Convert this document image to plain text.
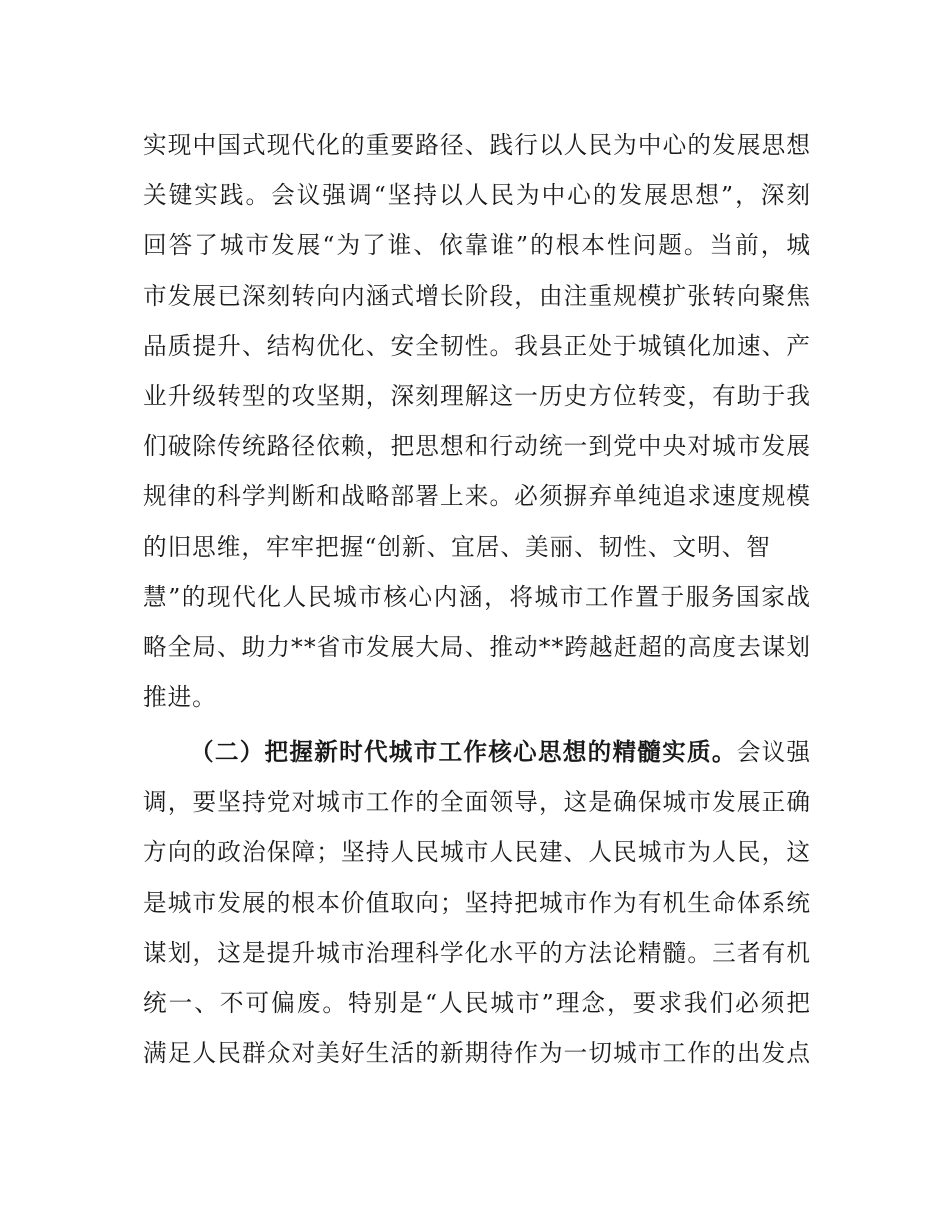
实现中国式现代化的重要路径、践行以人民为中心的发展思想
关键实践。会议强调“坚持以人民为中心的发展思想”，深刻
回答了城市发展“为了谁、依靠谁”的根本性问题。当前，城
市发展已深刻转向内涵式增长阶段，由注重规模扩张转向聚焦
品质提升、结构优化、安全韧性。我县正处于城镇化加速、产
业升级转型的攻坚期，深刻理解这一历史方位转变，有助于我
们破除传统路径依赖，把思想和行动统一到党中央对城市发展
规律的科学判断和战略部署上来。必须摒弃单纯追求速度规模
的旧思维，牢牢把握“创新、宜居、美丽、韧性、文明、智
慧”的现代化人民城市核心内涵，将城市工作置于服务国家战
略全局、助力**省市发展大局、推动**跨越赶超的高度去谋划
推进。
（二）把握新时代城市工作核心思想的精髓实质。会议强
调，要坚持党对城市工作的全面领导，这是确保城市发展正确
方向的政治保障；坚持人民城市人民建、人民城市为人民，这
是城市发展的根本价值取向；坚持把城市作为有机生命体系统
谋划，这是提升城市治理科学化水平的方法论精髓。三者有机
统一、不可偏废。特别是“人民城市”理念，要求我们必须把
满足人民群众对美好生活的新期待作为一切城市工作的出发点
